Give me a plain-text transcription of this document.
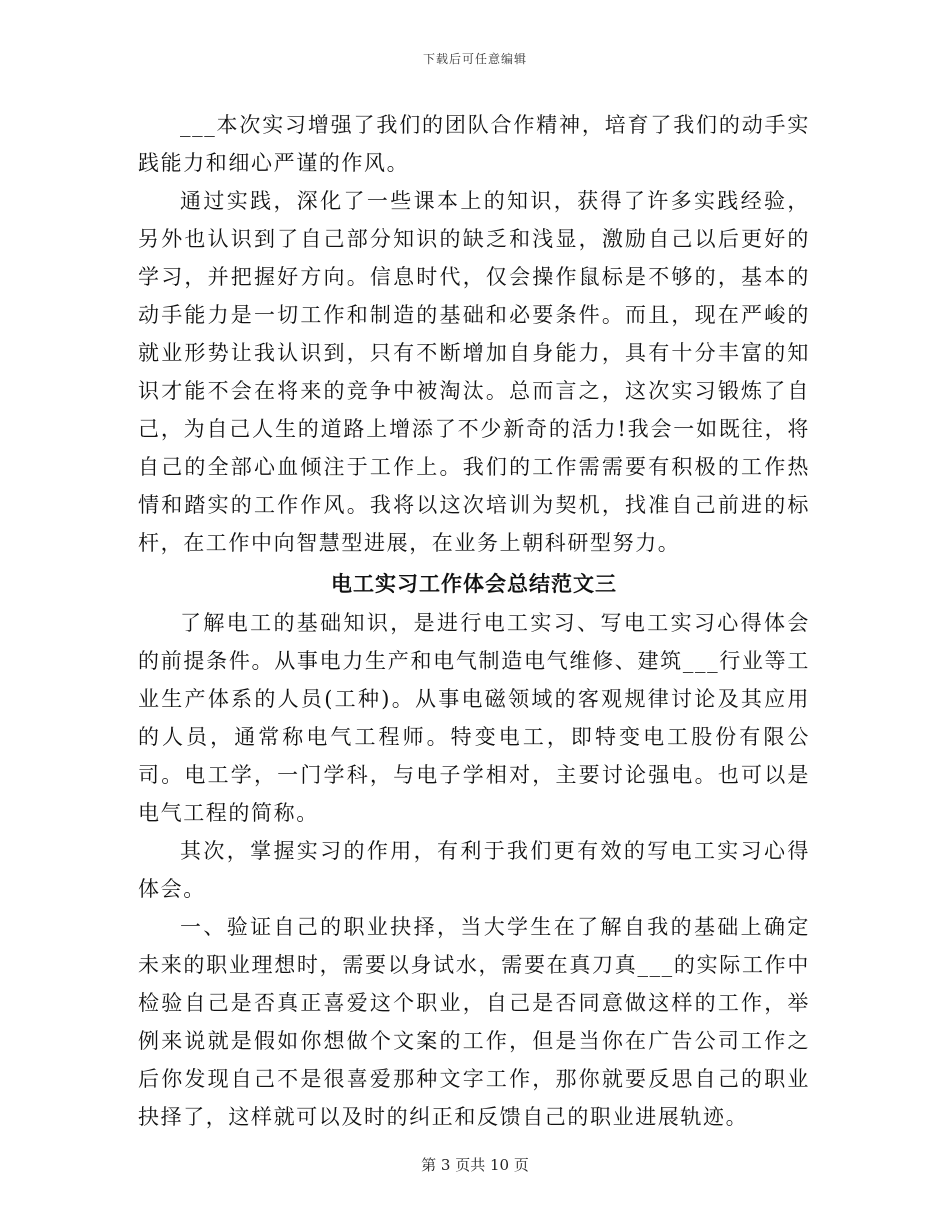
下载后可任意编辑

___本次实习增强了我们的团队合作精神，培育了我们的动手实践能力和细心严谨的作风。

通过实践，深化了一些课本上的知识，获得了许多实践经验，另外也认识到了自己部分知识的缺乏和浅显，激励自己以后更好的学习，并把握好方向。信息时代，仅会操作鼠标是不够的，基本的动手能力是一切工作和制造的基础和必要条件。而且，现在严峻的就业形势让我认识到，只有不断增加自身能力，具有十分丰富的知识才能不会在将来的竞争中被淘汰。总而言之，这次实习锻炼了自己，为自己人生的道路上增添了不少新奇的活力!我会一如既往，将自己的全部心血倾注于工作上。我们的工作需需要有积极的工作热情和踏实的工作作风。我将以这次培训为契机，找准自己前进的标杆，在工作中向智慧型进展，在业务上朝科研型努力。

电工实习工作体会总结范文三

了解电工的基础知识，是进行电工实习、写电工实习心得体会的前提条件。从事电力生产和电气制造电气维修、建筑___行业等工业生产体系的人员(工种)。从事电磁领域的客观规律讨论及其应用的人员，通常称电气工程师。特变电工，即特变电工股份有限公司。电工学，一门学科，与电子学相对，主要讨论强电。也可以是电气工程的简称。

其次，掌握实习的作用，有利于我们更有效的写电工实习心得体会。

一、验证自己的职业抉择，当大学生在了解自我的基础上确定未来的职业理想时，需要以身试水，需要在真刀真___的实际工作中检验自己是否真正喜爱这个职业，自己是否同意做这样的工作，举例来说就是假如你想做个文案的工作，但是当你在广告公司工作之后你发现自己不是很喜爱那种文字工作，那你就要反思自己的职业抉择了，这样就可以及时的纠正和反馈自己的职业进展轨迹。

第 3 页共 10 页
